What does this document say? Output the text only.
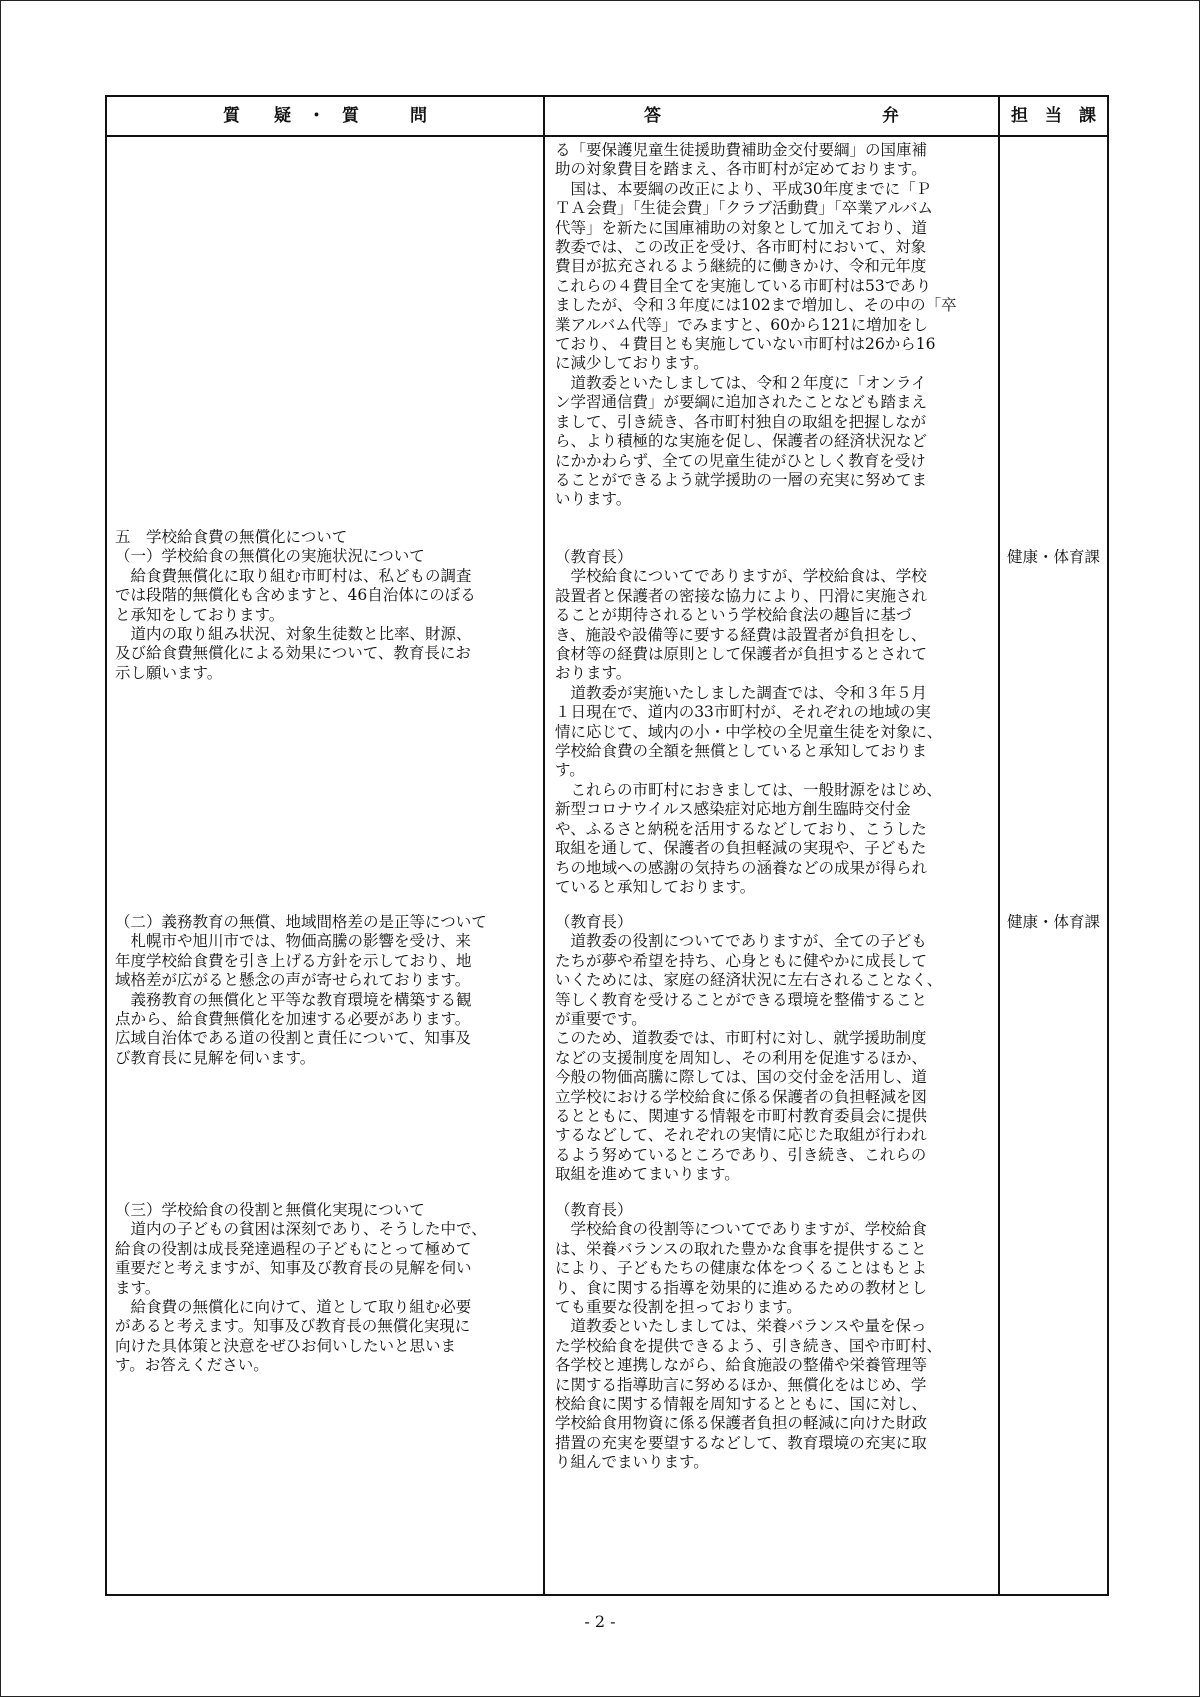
質　　疑　・　質　　　問	答　　　　　　　　　　　　　弁	担　当　課
る「要保護児童生徒援助費補助金交付要綱」の国庫補
助の対象費目を踏まえ、各市町村が定めております。
　国は、本要綱の改正により、平成30年度までに「Ｐ
ＴＡ会費」「生徒会費」「クラブ活動費」「卒業アルバム
代等」を新たに国庫補助の対象として加えており、道
教委では、この改正を受け、各市町村において、対象
費目が拡充されるよう継続的に働きかけ、令和元年度
これらの４費目全てを実施している市町村は53であり
ましたが、令和３年度には102まで増加し、その中の「卒
業アルバム代等」でみますと、60から121に増加をし
ており、４費目とも実施していない市町村は26から16
に減少しております。
　道教委といたしましては、令和２年度に「オンライ
ン学習通信費」が要綱に追加されたことなども踏まえ
まして、引き続き、各市町村独自の取組を把握しなが
ら、より積極的な実施を促し、保護者の経済状況など
にかかわらず、全ての児童生徒がひとしく教育を受け
ることができるよう就学援助の一層の充実に努めてま
いります。
五　学校給食費の無償化について
（一）学校給食の無償化の実施状況について
　給食費無償化に取り組む市町村は、私どもの調査
では段階的無償化も含めますと、46自治体にのぼる
と承知をしております。
　道内の取り組み状況、対象生徒数と比率、財源、
及び給食費無償化による効果について、教育長にお
示し願います。
（教育長）
　学校給食についてでありますが、学校給食は、学校
設置者と保護者の密接な協力により、円滑に実施され
ることが期待されるという学校給食法の趣旨に基づ
き、施設や設備等に要する経費は設置者が負担をし、
食材等の経費は原則として保護者が負担するとされて
おります。
　道教委が実施いたしました調査では、令和３年５月
１日現在で、道内の33市町村が、それぞれの地域の実
情に応じて、域内の小・中学校の全児童生徒を対象に、
学校給食費の全額を無償としていると承知しておりま
す。
　これらの市町村におきましては、一般財源をはじめ、
新型コロナウイルス感染症対応地方創生臨時交付金
や、ふるさと納税を活用するなどしており、こうした
取組を通して、保護者の負担軽減の実現や、子どもた
ちの地域への感謝の気持ちの涵養などの成果が得られ
ていると承知しております。
健康・体育課
（二）義務教育の無償、地域間格差の是正等について
　札幌市や旭川市では、物価高騰の影響を受け、来
年度学校給食費を引き上げる方針を示しており、地
域格差が広がると懸念の声が寄せられております。
　義務教育の無償化と平等な教育環境を構築する観
点から、給食費無償化を加速する必要があります。
広域自治体である道の役割と責任について、知事及
び教育長に見解を伺います。
（教育長）
　道教委の役割についてでありますが、全ての子ども
たちが夢や希望を持ち、心身ともに健やかに成長して
いくためには、家庭の経済状況に左右されることなく、
等しく教育を受けることができる環境を整備すること
が重要です。
このため、道教委では、市町村に対し、就学援助制度
などの支援制度を周知し、その利用を促進するほか、
今般の物価高騰に際しては、国の交付金を活用し、道
立学校における学校給食に係る保護者の負担軽減を図
るとともに、関連する情報を市町村教育委員会に提供
するなどして、それぞれの実情に応じた取組が行われ
るよう努めているところであり、引き続き、これらの
取組を進めてまいります。
健康・体育課
（三）学校給食の役割と無償化実現について
　道内の子どもの貧困は深刻であり、そうした中で、
給食の役割は成長発達過程の子どもにとって極めて
重要だと考えますが、知事及び教育長の見解を伺い
ます。
　給食費の無償化に向けて、道として取り組む必要
があると考えます。知事及び教育長の無償化実現に
向けた具体策と決意をぜひお伺いしたいと思いま
す。お答えください。
（教育長）
　学校給食の役割等についてでありますが、学校給食
は、栄養バランスの取れた豊かな食事を提供すること
により、子どもたちの健康な体をつくることはもとよ
り、食に関する指導を効果的に進めるための教材とし
ても重要な役割を担っております。
　道教委といたしましては、栄養バランスや量を保っ
た学校給食を提供できるよう、引き続き、国や市町村、
各学校と連携しながら、給食施設の整備や栄養管理等
に関する指導助言に努めるほか、無償化をはじめ、学
校給食に関する情報を周知するとともに、国に対し、
学校給食用物資に係る保護者負担の軽減に向けた財政
措置の充実を要望するなどして、教育環境の充実に取
り組んでまいります。
- 2 -
